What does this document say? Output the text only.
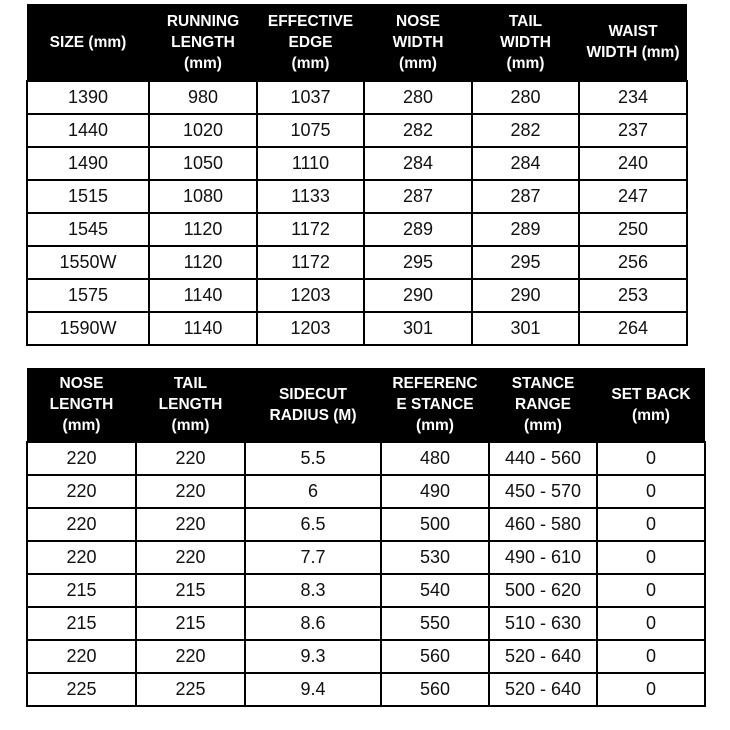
SIZE (mm)	RUNNING
LENGTH
(mm)	EFFECTIVE
EDGE
(mm)	NOSE
WIDTH
(mm)	TAIL
WIDTH
(mm)	WAIST
WIDTH (mm)
1390	980	1037	280	280	234
1440	1020	1075	282	282	237
1490	1050	1110	284	284	240
1515	1080	1133	287	287	247
1545	1120	1172	289	289	250
1550W	1120	1172	295	295	256
1575	1140	1203	290	290	253
1590W	1140	1203	301	301	264
NOSE
LENGTH
(mm)	TAIL
LENGTH
(mm)	SIDECUT
RADIUS (M)	REFERENC
E STANCE
(mm)	STANCE
RANGE
(mm)	SET BACK
(mm)
220	220	5.5	480	440 - 560	0
220	220	6	490	450 - 570	0
220	220	6.5	500	460 - 580	0
220	220	7.7	530	490 - 610	0
215	215	8.3	540	500 - 620	0
215	215	8.6	550	510 - 630	0
220	220	9.3	560	520 - 640	0
225	225	9.4	560	520 - 640	0
